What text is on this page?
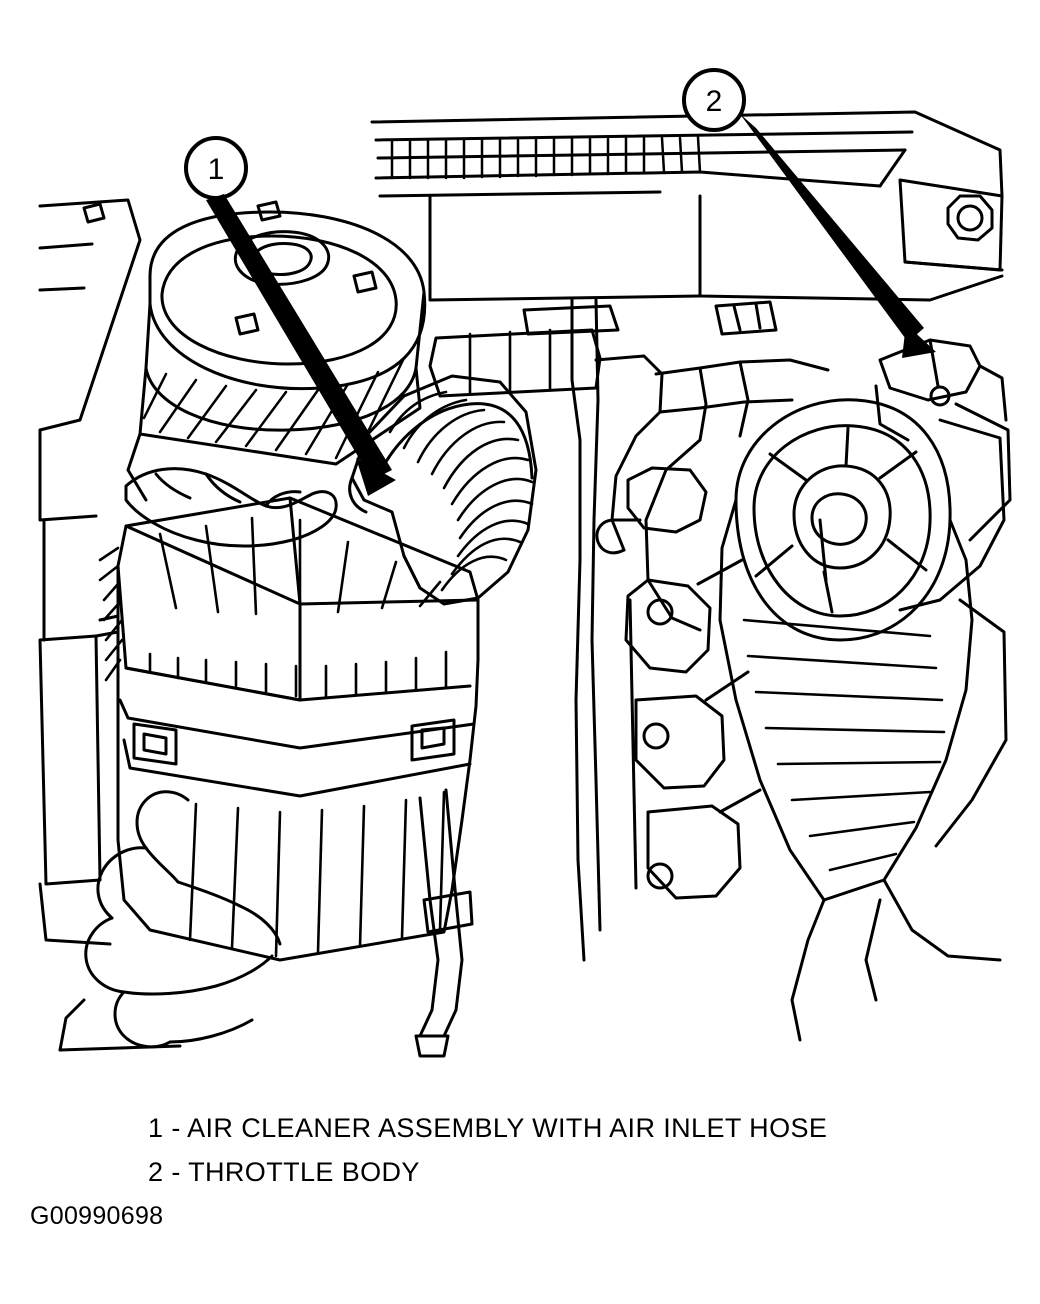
1
2
1 - AIR CLEANER ASSEMBLY WITH AIR INLET HOSE
2 - THROTTLE BODY
G00990698
